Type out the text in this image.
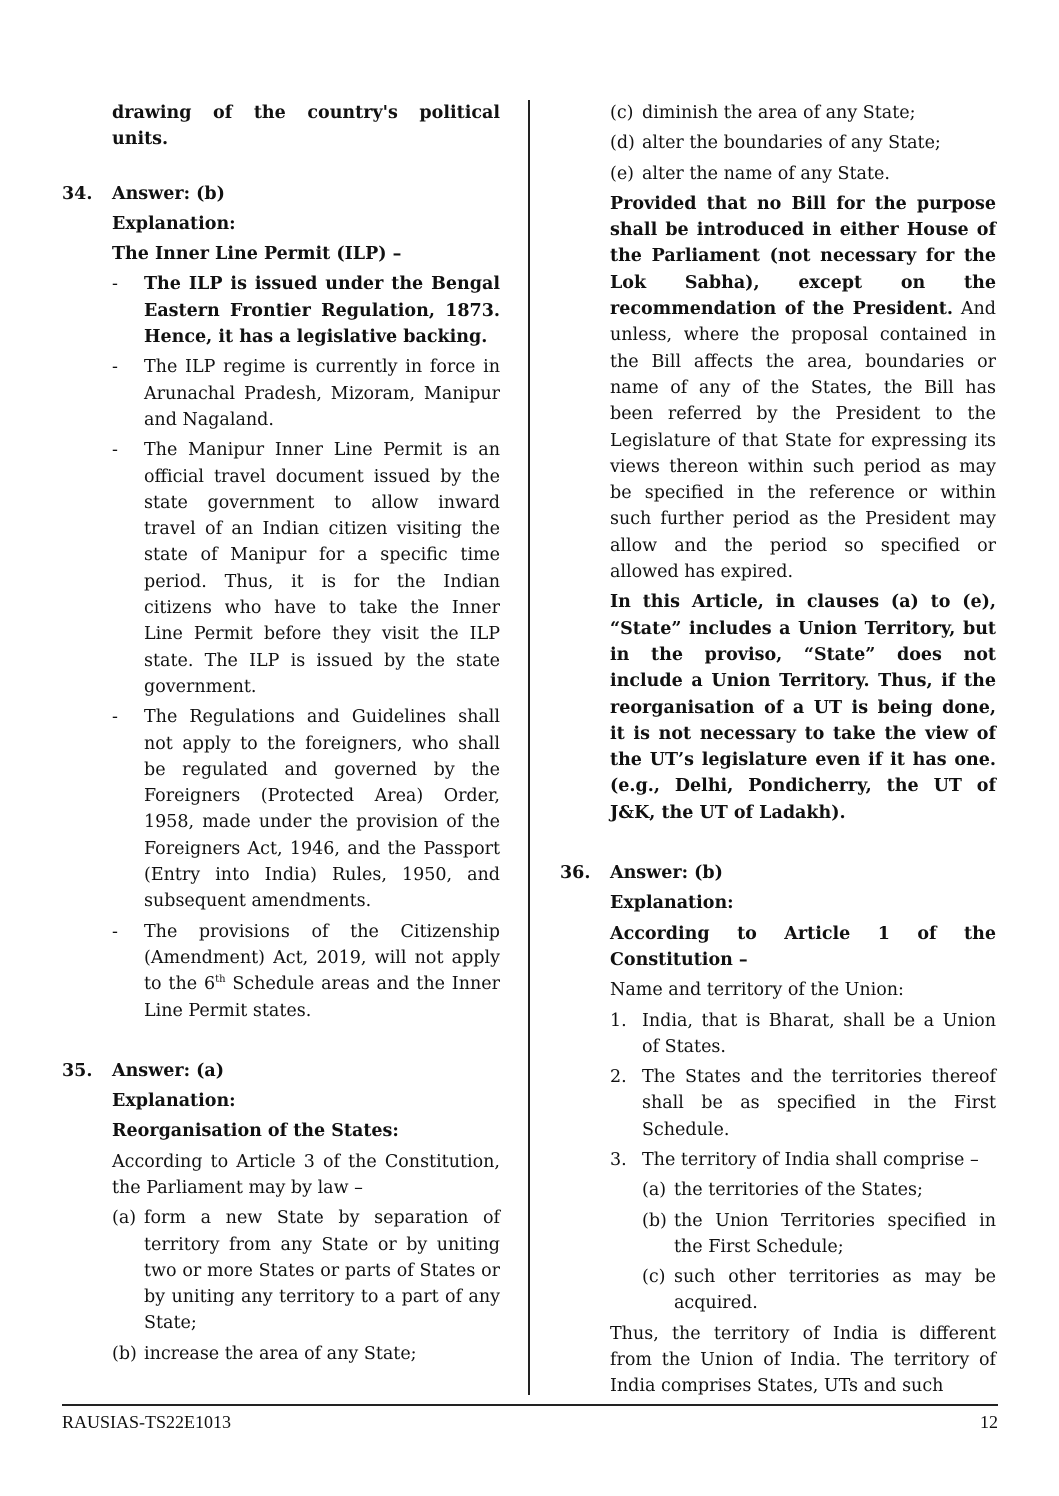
drawing of the country's political units.

34.	Answer: (b)

Explanation:

The Inner Line Permit (ILP) –

-	The ILP is issued under the Bengal Eastern Frontier Regulation, 1873. Hence, it has a legislative backing.
-	The ILP regime is currently in force in Arunachal Pradesh, Mizoram, Manipur and Nagaland.
-	The Manipur Inner Line Permit is an official travel document issued by the state government to allow inward travel of an Indian citizen visiting the state of Manipur for a specific time period. Thus, it is for the Indian citizens who have to take the Inner Line Permit before they visit the ILP state. The ILP is issued by the state government.
-	The Regulations and Guidelines shall not apply to the foreigners, who shall be regulated and governed by the Foreigners (Protected Area) Order, 1958, made under the provision of the Foreigners Act, 1946, and the Passport (Entry into India) Rules, 1950, and subsequent amendments.
-	The provisions of the Citizenship (Amendment) Act, 2019, will not apply to the 6th Schedule areas and the Inner Line Permit states.
35.	Answer: (a)

Explanation:

Reorganisation of the States:

According to Article 3 of the Constitution, the Parliament may by law –

(a) form a new State by separation of territory from any State or by uniting two or more States or parts of States or by uniting any territory to a part of any State;
(b) increase the area of any State;
(c) diminish the area of any State;
(d) alter the boundaries of any State;
(e) alter the name of any State.

Provided that no Bill for the purpose shall be introduced in either House of the Parliament (not necessary for the Lok Sabha), except on the recommendation of the President. And unless, where the proposal contained in the Bill affects the area, boundaries or name of any of the States, the Bill has been referred by the President to the Legislature of that State for expressing its views thereon within such period as may be specified in the reference or within such further period as the President may allow and the period so specified or allowed has expired.

In this Article, in clauses (a) to (e), “State” includes a Union Territory, but in the proviso, “State” does not include a Union Territory. Thus, if the reorganisation of a UT is being done, it is not necessary to take the view of the UT’s legislature even if it has one. (e.g., Delhi, Pondicherry, the UT of J&K, the UT of Ladakh).

36.	Answer: (b)

Explanation:

According to Article 1 of the Constitution –

Name and territory of the Union:

1. India, that is Bharat, shall be a Union of States.
2. The States and the territories thereof shall be as specified in the First Schedule.
3. The territory of India shall comprise –
(a) the territories of the States;
(b) the Union Territories specified in the First Schedule;
(c) such other territories as may be acquired.

Thus, the territory of India is different from the Union of India. The territory of India comprises States, UTs and such

RAUSIAS-TS22E1013	12
